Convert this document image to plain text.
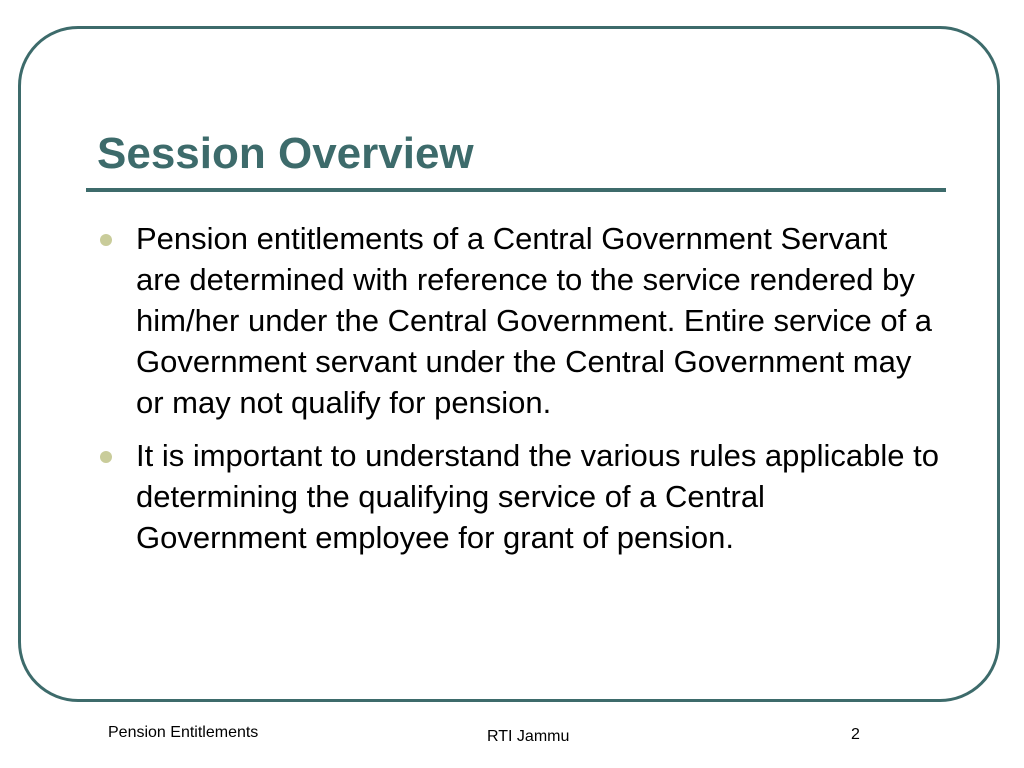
Session Overview
Pension entitlements of a Central Government Servant are determined with reference to the service rendered by him/her under the Central Government. Entire service of a Government servant under the Central Government may or may not qualify for pension.
It is important to understand the various rules applicable to determining the qualifying service of a Central Government employee for grant of pension.
Pension Entitlements	RTI Jammu	2
